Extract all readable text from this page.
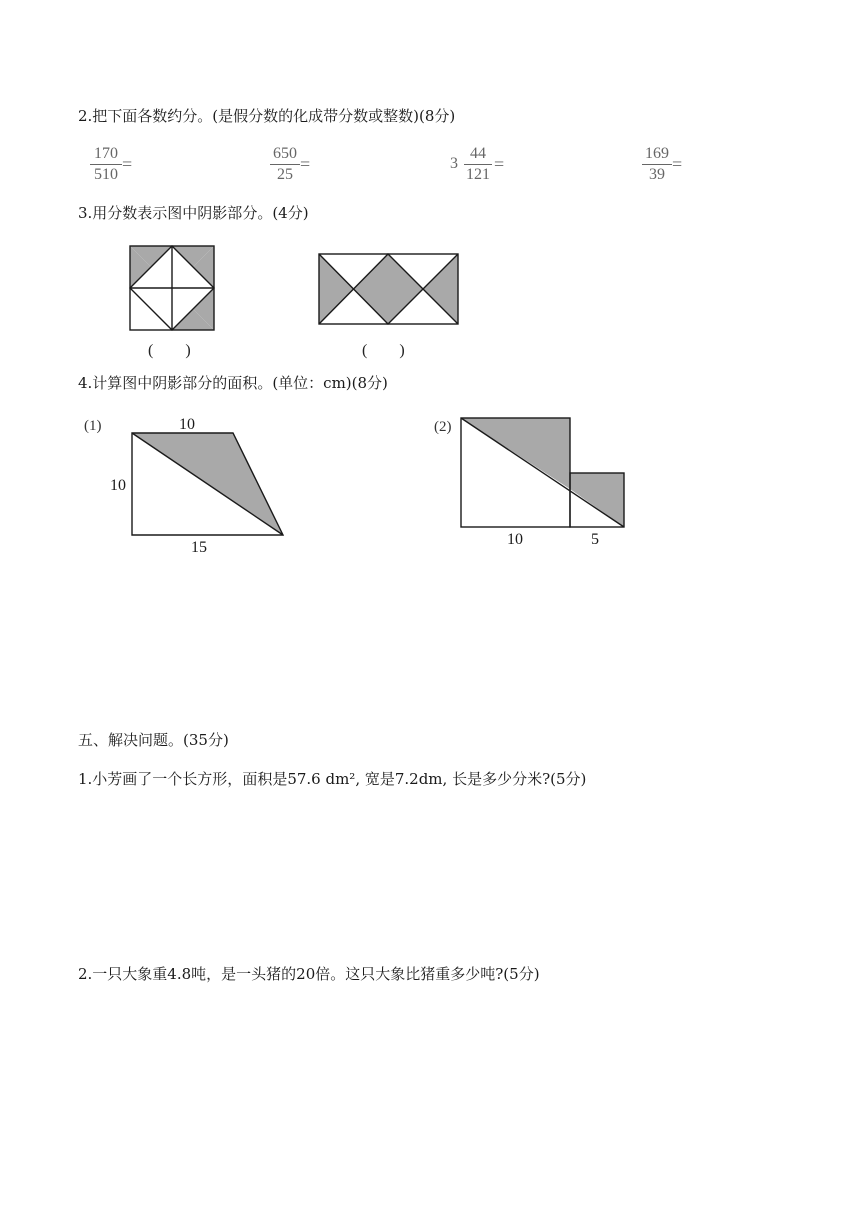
2.把下面各数约分。(是假分数的化成带分数或整数)(8分)
170
510
=
650
25
=	3
44
121
=
169
39
=
3.用分数表示图中阴影部分。(4分)
(　　)	(　　)
4.计算图中阴影部分的面积。(单位：cm)(8分)
(1)	10
10
15
(2)
10	5
五、解决问题。(35分)
1.小芳画了一个长方形，面积是57.6 dm², 宽是7.2dm, 长是多少分米?(5分)
2.一只大象重4.8吨，是一头猪的20倍。这只大象比猪重多少吨?(5分)
